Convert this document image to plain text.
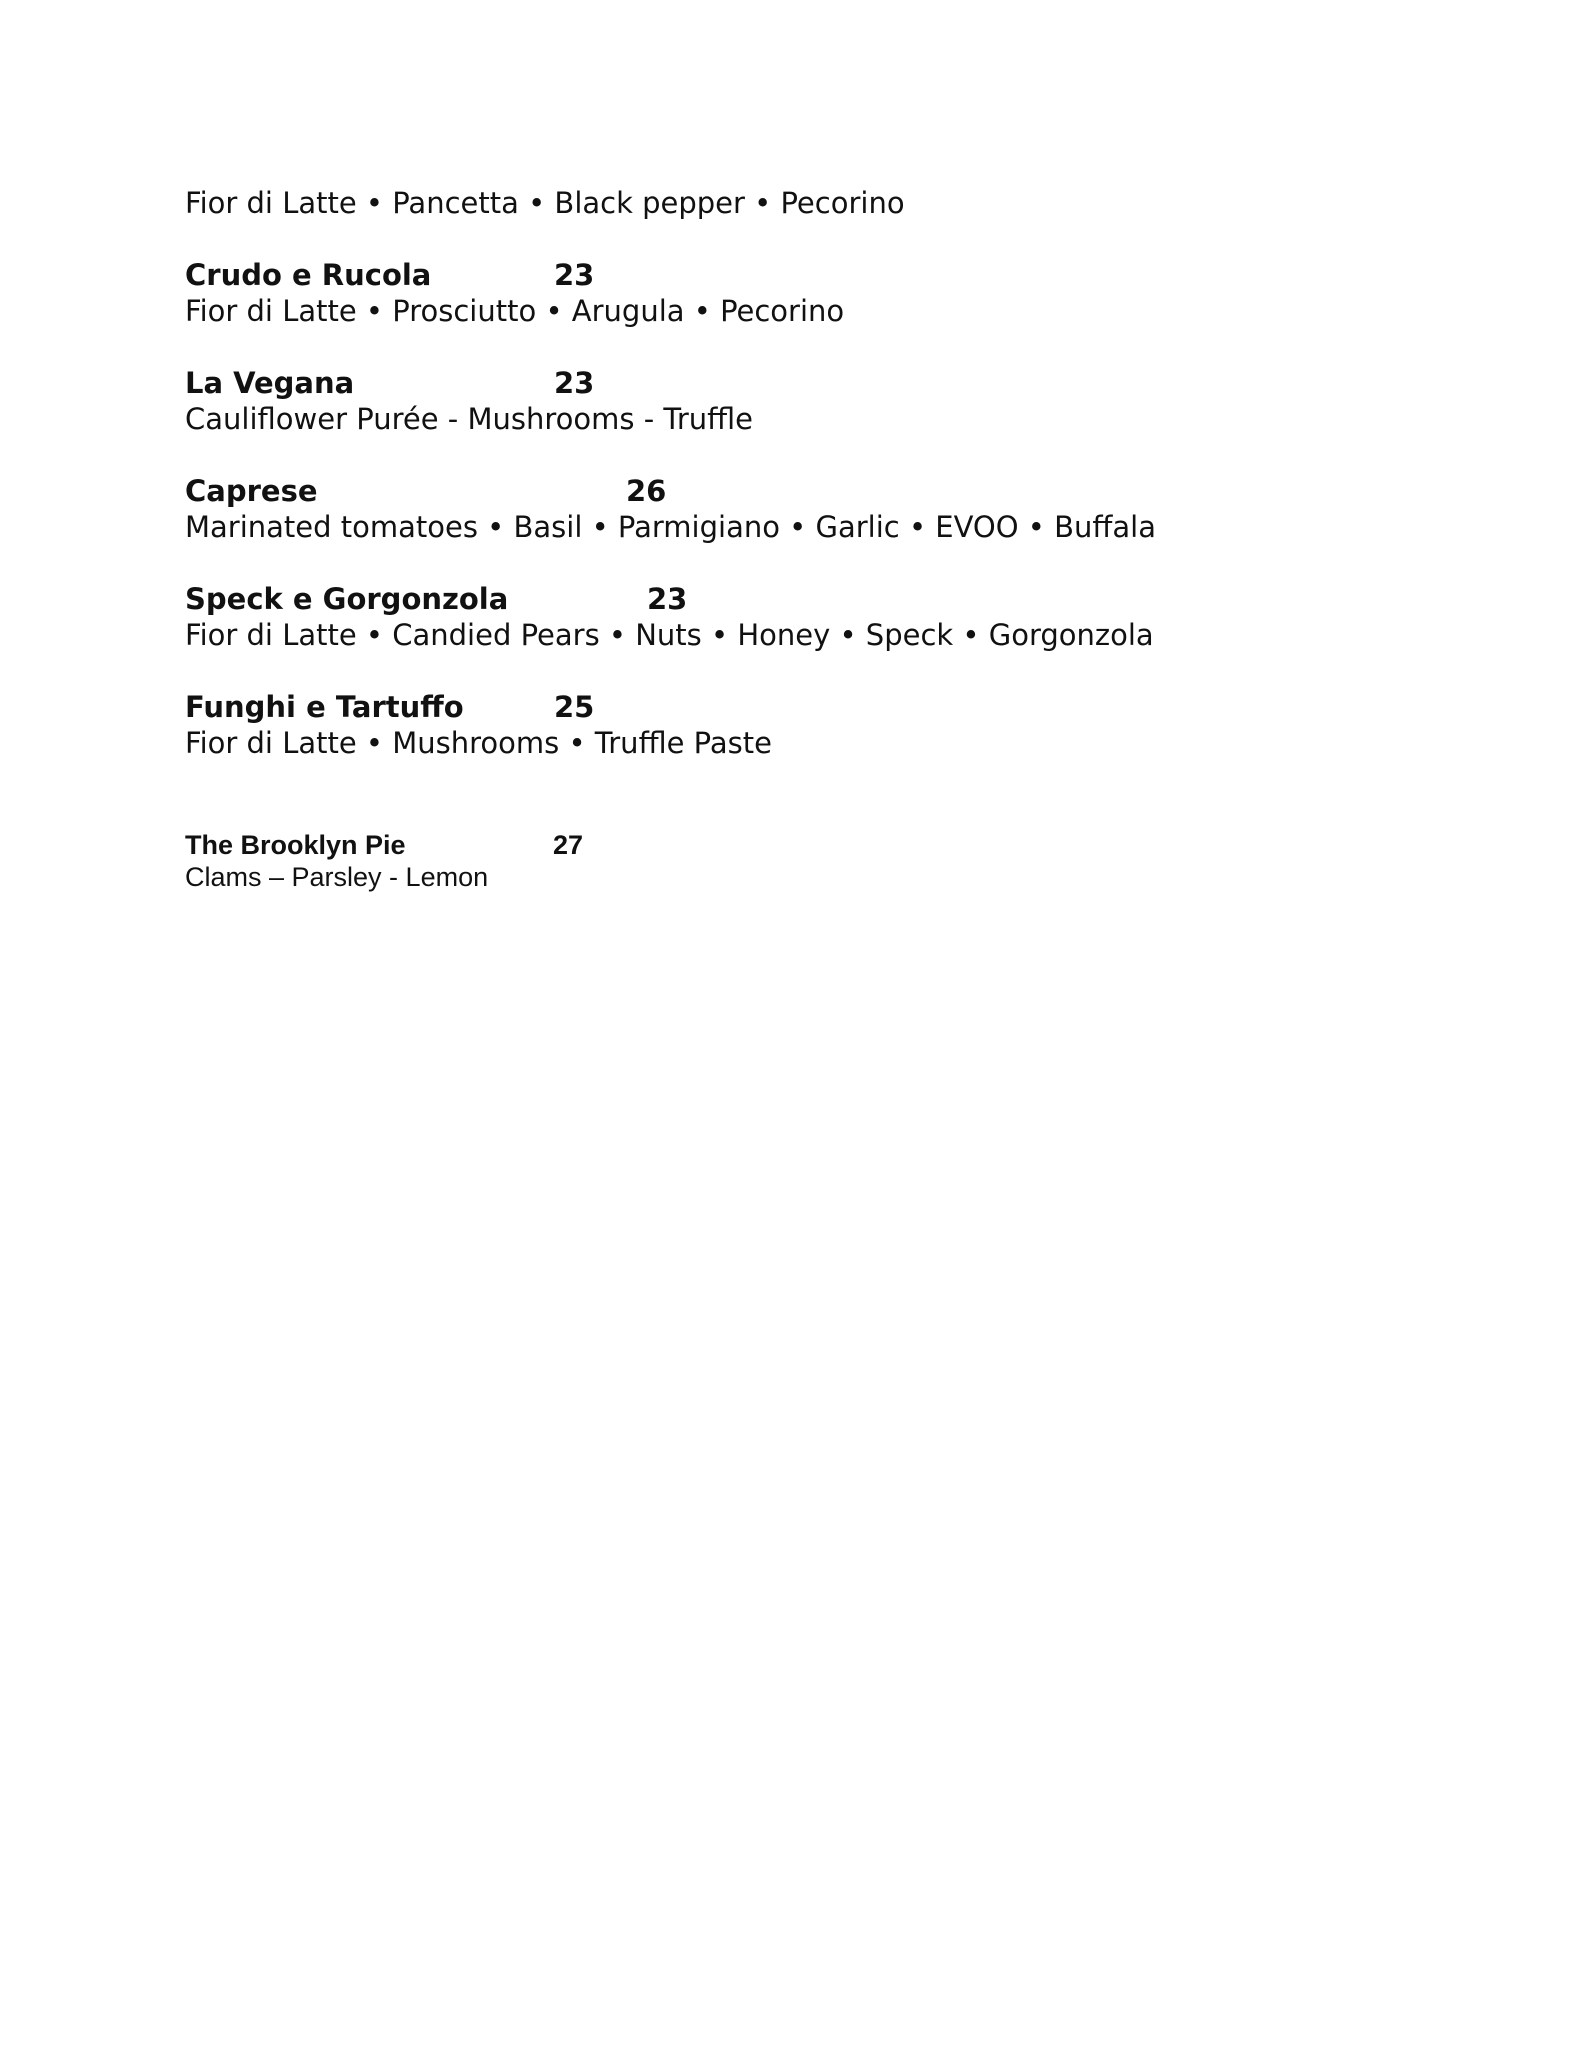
Fior di Latte • Pancetta • Black pepper • Pecorino
Crudo e Rucola	23
Fior di Latte • Prosciutto • Arugula • Pecorino
La Vegana	23
Cauliflower Purée - Mushrooms - Truffle
Caprese	26
Marinated tomatoes • Basil • Parmigiano • Garlic • EVOO • Buffala
Speck e Gorgonzola	23
Fior di Latte • Candied Pears • Nuts • Honey • Speck • Gorgonzola
Funghi e Tartuffo	25
Fior di Latte • Mushrooms • Truffle Paste
The Brooklyn Pie	27
Clams – Parsley - Lemon
